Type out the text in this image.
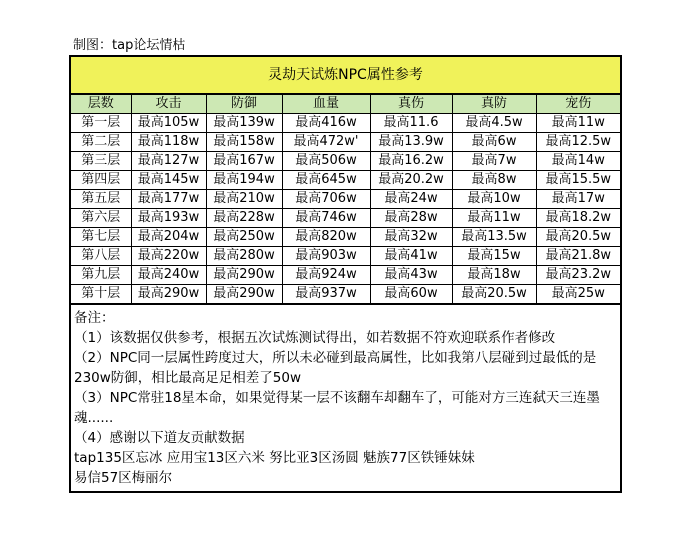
制图：tap论坛情枯
灵劫天试炼NPC属性参考
层数	攻击	防御	血量	真伤	真防	宠伤
第一层	最高105w	最高139w	最高416w	最高11.6	最高4.5w	最高11w
第二层	最高118w	最高158w	最高472w'	最高13.9w	最高6w	最高12.5w
第三层	最高127w	最高167w	最高506w	最高16.2w	最高7w	最高14w
第四层	最高145w	最高194w	最高645w	最高20.2w	最高8w	最高15.5w
第五层	最高177w	最高210w	最高706w	最高24w	最高10w	最高17w
第六层	最高193w	最高228w	最高746w	最高28w	最高11w	最高18.2w
第七层	最高204w	最高250w	最高820w	最高32w	最高13.5w	最高20.5w
第八层	最高220w	最高280w	最高903w	最高41w	最高15w	最高21.8w
第九层	最高240w	最高290w	最高924w	最高43w	最高18w	最高23.2w
第十层	最高290w	最高290w	最高937w	最高60w	最高20.5w	最高25w

备注：

（1）该数据仅供参考，根据五次试炼测试得出，如若数据不符欢迎联系作者修改

（2）NPC同一层属性跨度过大，所以未必碰到最高属性，比如我第八层碰到过最低的是230w防御，相比最高足足相差了50w

（3）NPC常驻18星本命，如果觉得某一层不该翻车却翻车了，可能对方三连弑天三连墨魂......

（4）感谢以下道友贡献数据

tap135区忘冰 应用宝13区六米 努比亚3区汤圆 魅族77区铁锤妹妹

易信57区梅丽尔
